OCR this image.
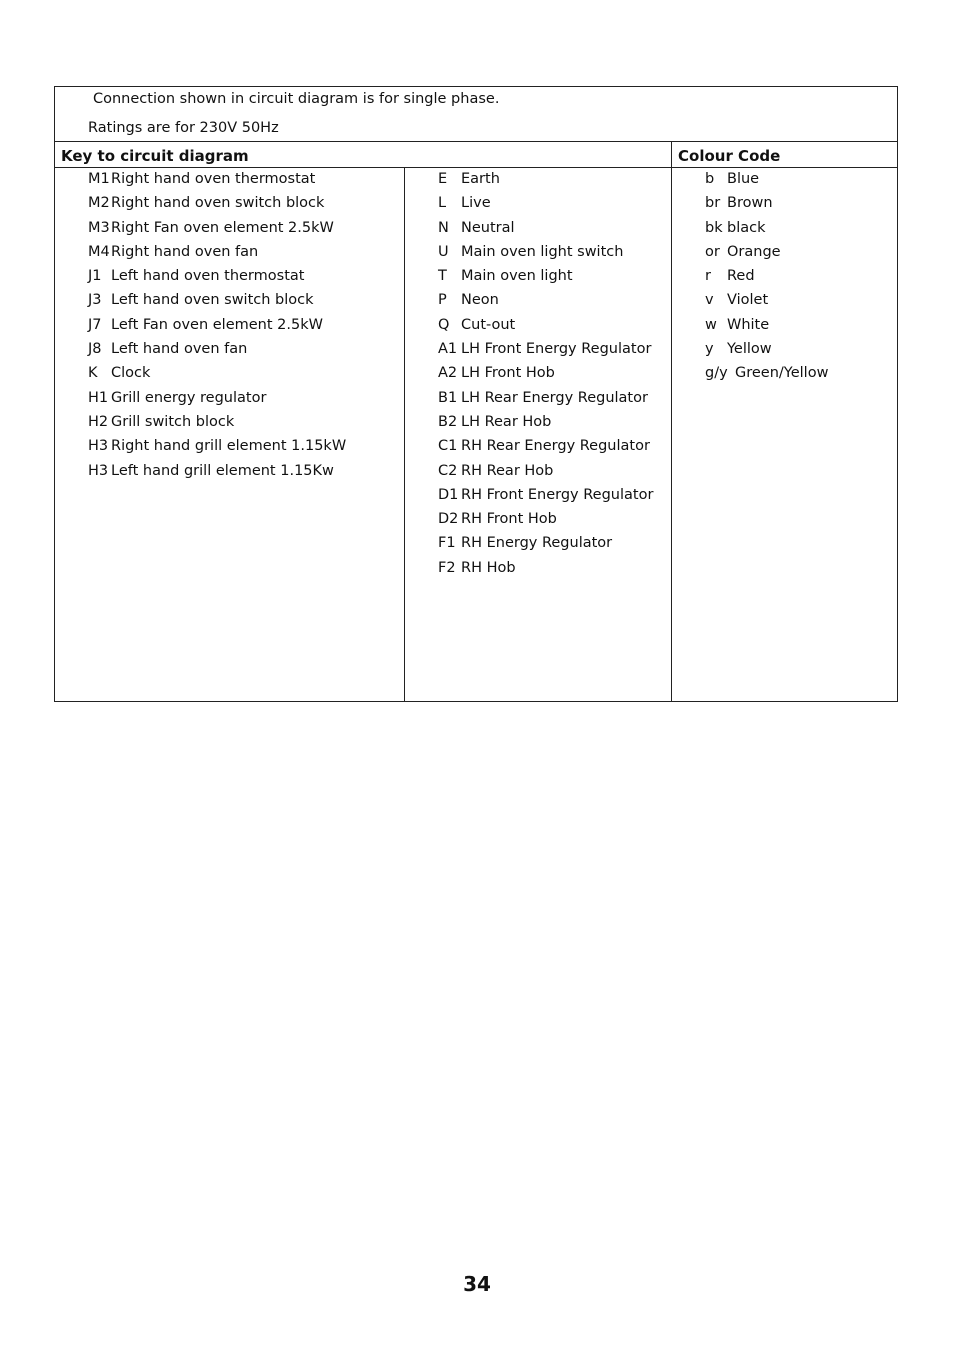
Connection shown in circuit diagram is for single phase.
Ratings are for 230V 50Hz
Key to circuit diagram	Colour Code
M1Right hand oven thermostat
M2Right hand oven switch block
M3Right Fan oven element 2.5kW
M4Right hand oven fan
J1 Left hand oven thermostat
J3 Left hand oven switch block
J7 Left Fan oven element 2.5kW
J8 Left hand oven fan
K Clock
H1 Grill energy regulator
H2 Grill switch block
H3 Right hand grill element 1.15kW
H3 Left hand grill element 1.15Kw
E Earth
L Live
N Neutral
U Main oven light switch
T Main oven light
P Neon
Q Cut-out
A1 LH Front Energy Regulator
A2 LH Front Hob
B1 LH Rear Energy Regulator
B2 LH Rear Hob
C1 RH Rear Energy Regulator
C2 RH Rear Hob
D1 RH Front Energy Regulator
D2 RH Front Hob
F1 RH Energy Regulator
F2 RH Hob
b Blue
br Brown
bk black
or Orange
r Red
v Violet
w White
y Yellow
g/y Green/Yellow
34
